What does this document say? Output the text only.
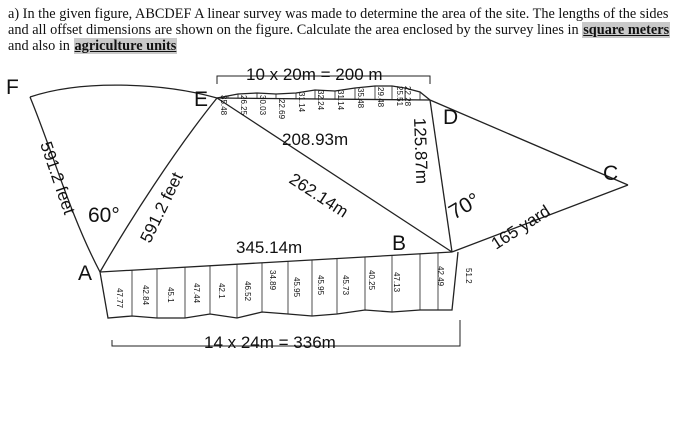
a) In the given figure, ABCDEF A linear survey was made to determine the area of the site. The lengths of the sides and all offset dimensions are shown on the figure. Calculate the area enclosed by the survey lines in square meters and also in agriculture units
35.48 26.25 30.03 22.69 31.14 32.24 31.14 35.48 29.48 25.51 22.28
47.77 42.84 45.1 47.44 42.1 46.52
34.89 45.95 45.95 45.73 40.25 47.13	42.49 51.2
F
E
D
C
B
A
10 x 20m = 200 m
14 x 24m = 336m
208.93m
345.14m
262.14m
125.87m
165 yard
591.2 feet	591.2 feet
60°	70°
